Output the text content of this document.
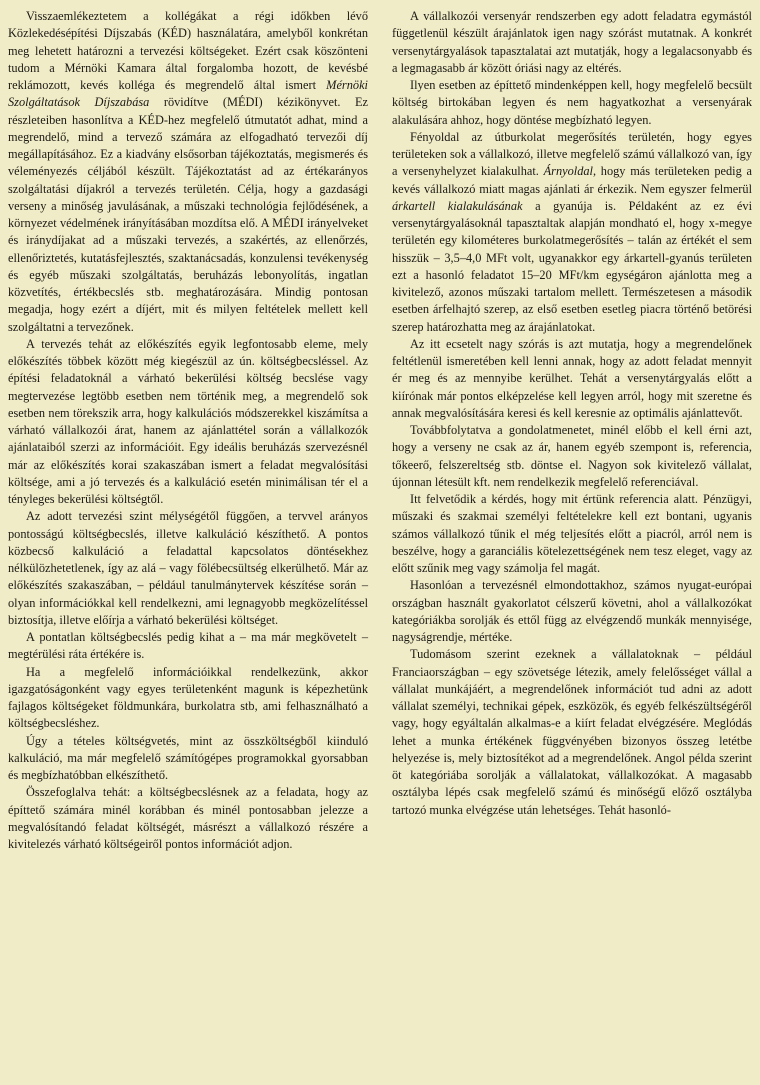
Visszaemlékeztetem a kollégákat a régi időkben lévő Közlekedésépítési Díjszabás (KÉD) használatára, amelyből konkrétan meg lehetett határozni a tervezési költségeket. Ezért csak köszönteni tudom a Mérnöki Kamara által forgalomba hozott, de kevésbé reklámozott, kevés kolléga és megrendelő által ismert Mérnöki Szolgáltatások Díjszabása rövidítve (MÉDI) kézikönyvet. Ez részleteiben hasonlítva a KÉD-hez megfelelő útmutatót adhat, mind a megrendelő, mind a tervező számára az elfogadható tervezői díj megállapításához. Ez a kiadvány elsősorban tájékoztatás, megismerés és véleményezés céljából készült. Tájékoztatást ad az értékarányos szolgáltatási díjakról a tervezés területén. Célja, hogy a gazdasági verseny a minőség javulásának, a műszaki technológia fejlődésének, a környezet védelmének irányításában mozdítsa elő. A MÉDI irányelveket és iránydíjakat ad a műszaki tervezés, a szakértés, az ellenőrzés, ellenőriztetés, kutatásfejlesztés, szaktanácsadás, konzulensi tevékenység és egyéb műszaki szolgáltatás, beruházás lebonyolítás, ingatlan közvetítés, értékbecslés stb. meghatározására. Mindig pontosan megadja, hogy ezért a díjért, mit és milyen feltételek mellett kell szolgáltatni a tervezőnek.

A tervezés tehát az előkészítés egyik legfontosabb eleme, mely előkészítés többek között még kiegészül az ún. költségbecsléssel. Az építési feladatoknál a várható bekerülési költség becslése vagy megtervezése legtöbb esetben nem történik meg, a megrendelő sok esetben nem törekszik arra, hogy kalkulációs módszerekkel kiszámítsa a várható vállalkozói árat, hanem az ajánlattétel során a vállalkozók ajánlataiból szerzi az információit. Egy ideális beruházás szervezésnél már az előkészítés korai szakaszában ismert a feladat megvalósítási költsége, ami a jó tervezés és a kalkuláció esetén minimálisan tér el a tényleges bekerülési költségtől.

Az adott tervezési szint mélységétől függően, a tervvel arányos pontosságú költségbecslés, illetve kalkuláció készíthető. A pontos közbecső kalkuláció a feladattal kapcsolatos döntésekhez nélkülözhetetlenek, így az alá – vagy fölébecsültség elkerülhető. Már az előkészítés szakaszában, – például tanulmánytervek készítése során – olyan információkkal kell rendelkezni, ami legnagyobb megközelítéssel biztosítja, illetve előírja a várható bekerülési költséget.

A pontatlan költségbecslés pedig kihat a – ma már megkövetelt – megtérülési ráta értékére is.

Ha a megfelelő információikkal rendelkezünk, akkor igazgatóságonként vagy egyes területenként magunk is képezhetünk fajlagos költségeket földmunkára, burkolatra stb, ami felhasználható a költségbecsléshez.

Úgy a tételes költségvetés, mint az összköltségből kiinduló kalkuláció, ma már megfelelő számítógépes programokkal gyorsabban és megbízhatóbban elkészíthető.

Összefoglalva tehát: a költségbecslésnek az a feladata, hogy az építtető számára minél korábban és minél pontosabban jelezze a megvalósítandó feladat költségét, másrészt a vállalkozó részére a kivitelezés várható költségeiről pontos információt adjon.

A vállalkozói versenyár rendszerben egy adott feladatra egymástól függetlenül készült árajánlatok igen nagy szórást mutatnak. A konkrét versenytárgyalások tapasztalatai azt mutatják, hogy a legalacsonyabb és a legmagasabb ár között óriási nagy az eltérés.

Ilyen esetben az építtető mindenképpen kell, hogy megfelelő becsült költség birtokában legyen és nem hagyatkozhat a versenyárak alakulására ahhoz, hogy döntése megbízható legyen.

Fényoldal az útburkolat megerősítés területén, hogy egyes területeken sok a vállalkozó, illetve megfelelő számú vállalkozó van, így a versenyhelyzet kialakulhat. Árnyoldal, hogy más területeken pedig a kevés vállalkozó miatt magas ajánlati ár érkezik. Nem egyszer felmerül árkartell kialakulásának a gyanúja is. Példaként az ez évi versenytárgyalásoknál tapasztaltak alapján mondható el, hogy x-megye területén egy kilométeres burkolatmegerősítés – talán az értékét el sem hisszük – 3,5–4,0 MFt volt, ugyanakkor egy árkartell-gyanús területen ezt a hasonló feladatot 15–20 MFt/km egységáron ajánlotta meg a kivitelező, azonos műszaki tartalom mellett. Természetesen a második esetben árfelhajtó szerep, az első esetben esetleg piacra történő betörési szerep határozhatta meg az árajánlatokat.

Az itt ecsetelt nagy szórás is azt mutatja, hogy a megrendelőnek feltétlenül ismeretében kell lenni annak, hogy az adott feladat mennyit ér meg és az mennyibe kerülhet. Tehát a versenytárgyalás előtt a kiírónak már pontos elképzelése kell legyen arról, hogy mit szeretne és annak megvalósítására keresi és kell keresnie az optimális ajánlattevőt.

Továbbfolytatva a gondolatmenetet, minél előbb el kell érni azt, hogy a verseny ne csak az ár, hanem egyéb szempont is, referencia, tőkeerő, felszereltség stb. döntse el. Nagyon sok kivitelező vállalat, újonnan létesült kft. nem rendelkezik megfelelő referenciával.

Itt felvetődik a kérdés, hogy mit értünk referencia alatt. Pénzügyi, műszaki és szakmai személyi feltételekre kell ezt bontani, ugyanis számos vállalkozó tűnik el még teljesítés előtt a piacról, arról nem is beszélve, hogy a garanciális kötelezettségének nem tesz eleget, vagy az előtt szűnik meg vagy számolja fel magát.

Hasonlóan a tervezésnél elmondottakhoz, számos nyugat-európai országban használt gyakorlatot célszerű követni, ahol a vállalkozókat kategóriákba sorolják és ettől függ az elvégzendő munkák mennyisége, nagyságrendje, mértéke.

Tudomásom szerint ezeknek a vállalatoknak – például Franciaországban – egy szövetsége létezik, amely felelősséget vállal a vállalat munkájáért, a megrendelőnek információt tud adni az adott vállalat személyi, technikai gépek, eszközök, és egyéb felkészültségéről vagy, hogy egyáltalán alkalmas-e a kiírt feladat elvégzésére. Meglódás lehet a munka értékének függvényében bizonyos összeg letétbe helyezése is, mely biztosítékot ad a megrendelőnek. Angol példa szerint öt kategóriába sorolják a vállalatokat, vállalkozókat. A magasabb osztályba lépés csak megfelelő számú és minőségű előző osztályba tartozó munka elvégzése után lehetséges. Tehát hasonló-
